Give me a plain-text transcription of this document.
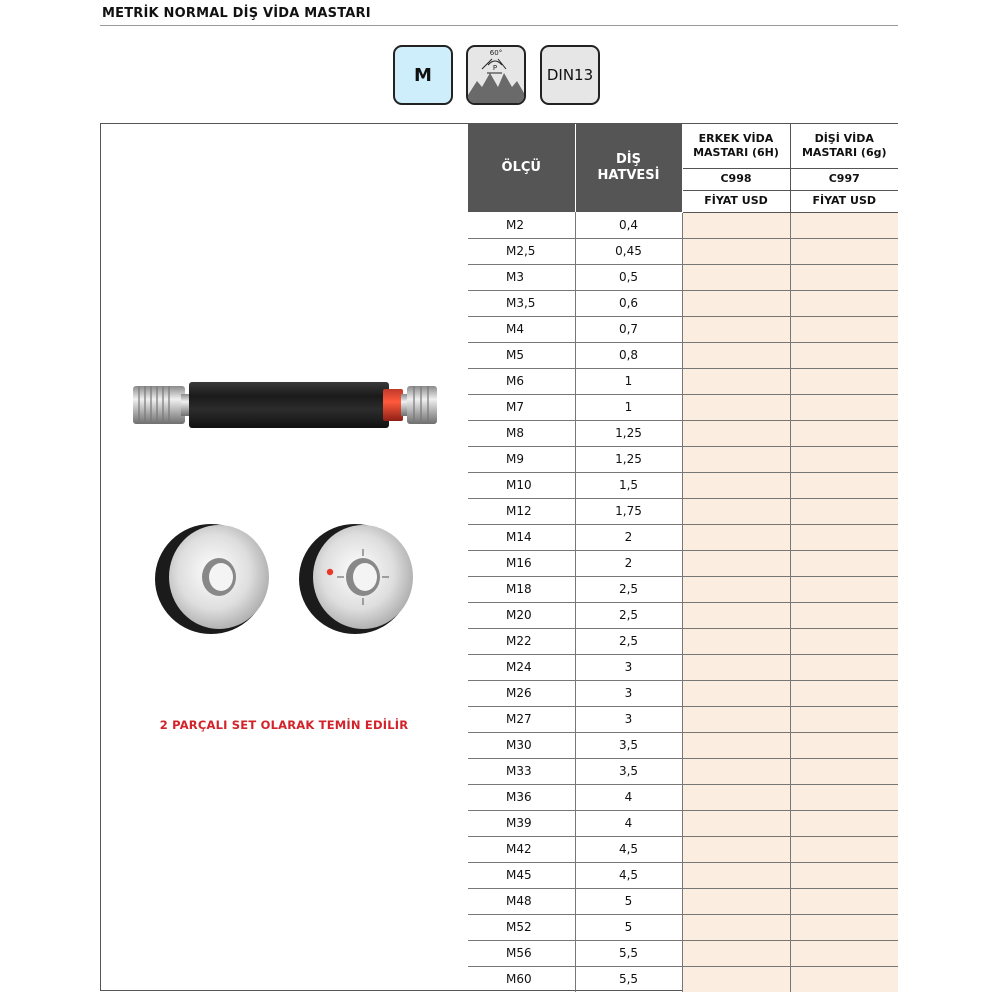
METRİK NORMAL DİŞ VİDA MASTARI
M
60°
P	DIN13
2 PARÇALI SET OLARAK TEMİN EDİLİR
ÖLÇÜ	DİŞ HATVESİ	ERKEK VİDA MASTARI (6H)	DİŞİ VİDA MASTARI (6g)
		C998	C997
		FİYAT USD	FİYAT USD
M2	0,4		
M2,5	0,45		
M3	0,5		
M3,5	0,6		
M4	0,7		
M5	0,8		
M6	1		
M7	1		
M8	1,25		
M9	1,25		
M10	1,5		
M12	1,75		
M14	2		
M16	2		
M18	2,5		
M20	2,5		
M22	2,5		
M24	3		
M26	3		
M27	3		
M30	3,5		
M33	3,5		
M36	4		
M39	4		
M42	4,5		
M45	4,5		
M48	5		
M52	5		
M56	5,5		
M60	5,5		
